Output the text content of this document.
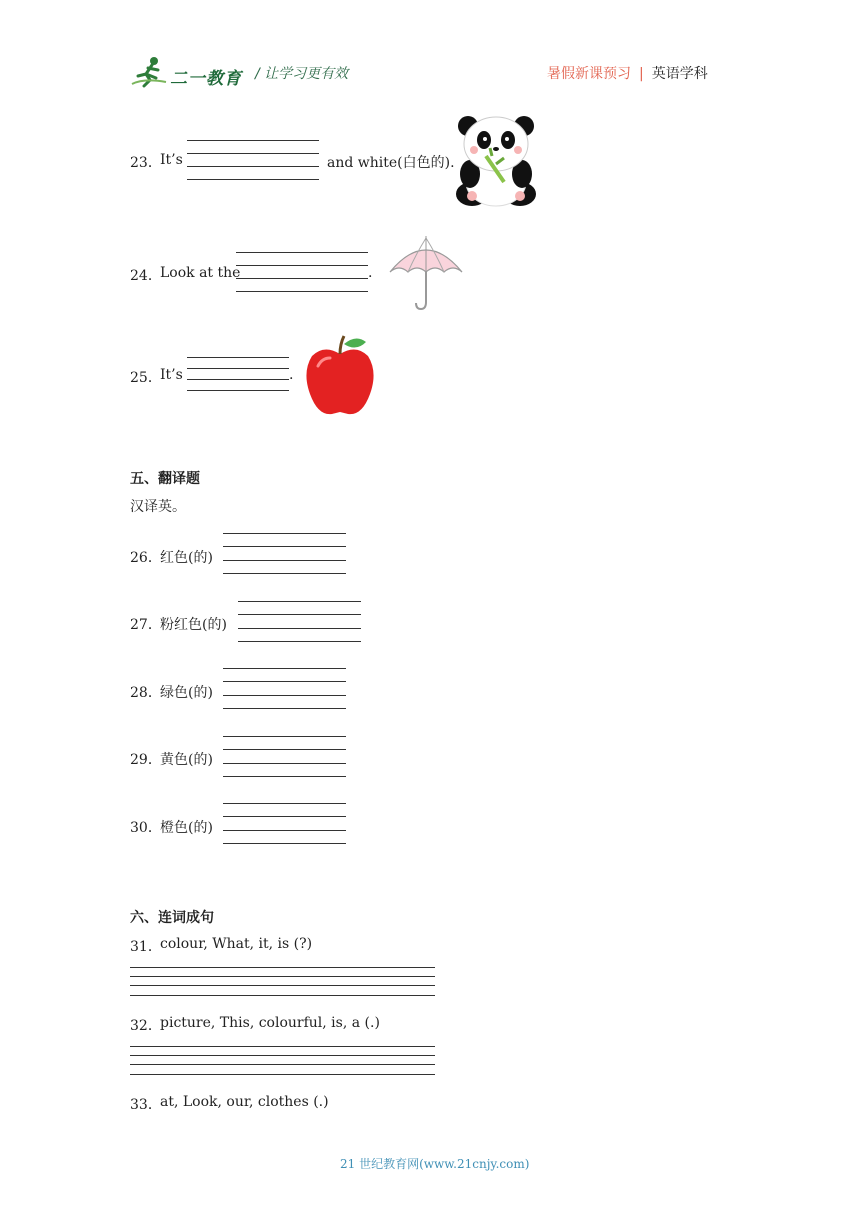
二一教育 / 让学习更有效	暑假新课预习 | 英语学科
23．
It’s	and white(白色的).
24．
Look at the	.
25．
It’s	.
五、翻译题
汉译英。
26．
红色(的)
27．
粉红色(的)
28．
绿色(的)
29．
黄色(的)
30．
橙色(的)
六、连词成句
31．
colour, What, it, is (?)
32．
picture, This, colourful, is, a (.)
33．
at, Look, our, clothes (.)
21 世纪教育网(www.21cnjy.com)
